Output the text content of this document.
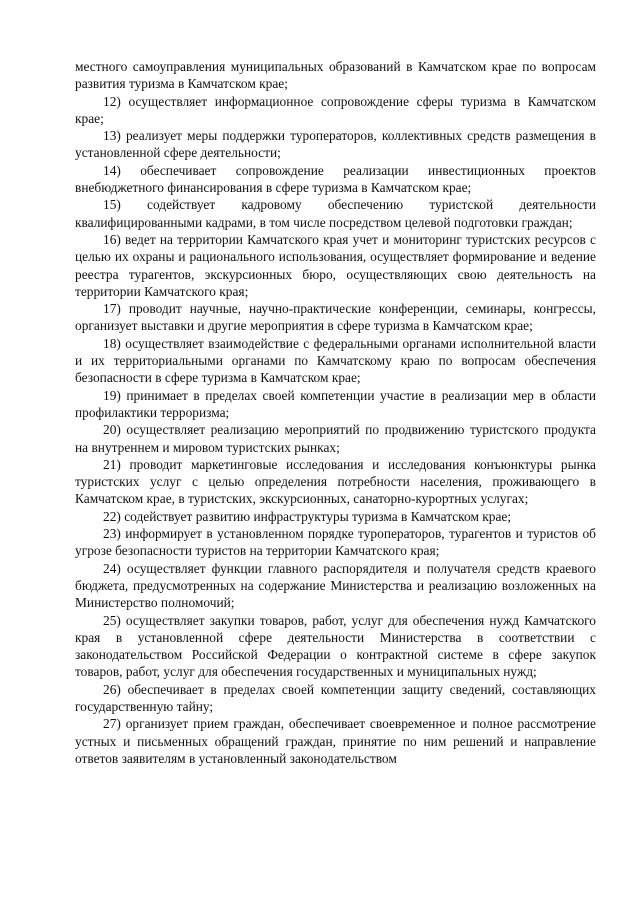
местного самоуправления муниципальных образований в Камчатском крае по вопросам развития туризма в Камчатском крае;

12) осуществляет информационное сопровождение сферы туризма в Камчатском крае;

13) реализует меры поддержки туроператоров, коллективных средств размещения в установленной сфере деятельности;

14) обеспечивает сопровождение реализации инвестиционных проектов внебюджетного финансирования в сфере туризма в Камчатском крае;

15) содействует кадровому обеспечению туристской деятельности квалифицированными кадрами, в том числе посредством целевой подготовки граждан;

16) ведет на территории Камчатского края учет и мониторинг туристских ресурсов с целью их охраны и рационального использования, осуществляет формирование и ведение реестра турагентов, экскурсионных бюро, осуществляющих свою деятельность на территории Камчатского края;

17) проводит научные, научно-практические конференции, семинары, конгрессы, организует выставки и другие мероприятия в сфере туризма в Камчатском крае;

18) осуществляет взаимодействие с федеральными органами исполнительной власти и их территориальными органами по Камчатскому краю по вопросам обеспечения безопасности в сфере туризма в Камчатском крае;

19) принимает в пределах своей компетенции участие в реализации мер в области профилактики терроризма;

20) осуществляет реализацию мероприятий по продвижению туристского продукта на внутреннем и мировом туристских рынках;

21) проводит маркетинговые исследования и исследования конъюнктуры рынка туристских услуг с целью определения потребности населения, проживающего в Камчатском крае, в туристских, экскурсионных, санаторно-курортных услугах;

22) содействует развитию инфраструктуры туризма в Камчатском крае;

23) информирует в установленном порядке туроператоров, турагентов и туристов об угрозе безопасности туристов на территории Камчатского края;

24) осуществляет функции главного распорядителя и получателя средств краевого бюджета, предусмотренных на содержание Министерства и реализацию возложенных на Министерство полномочий;

25) осуществляет закупки товаров, работ, услуг для обеспечения нужд Камчатского края в установленной сфере деятельности Министерства в соответствии с законодательством Российской Федерации о контрактной системе в сфере закупок товаров, работ, услуг для обеспечения государственных и муниципальных нужд;

26) обеспечивает в пределах своей компетенции защиту сведений, составляющих государственную тайну;

27) организует прием граждан, обеспечивает своевременное и полное рассмотрение устных и письменных обращений граждан, принятие по ним решений и направление ответов заявителям в установленный законодательством
